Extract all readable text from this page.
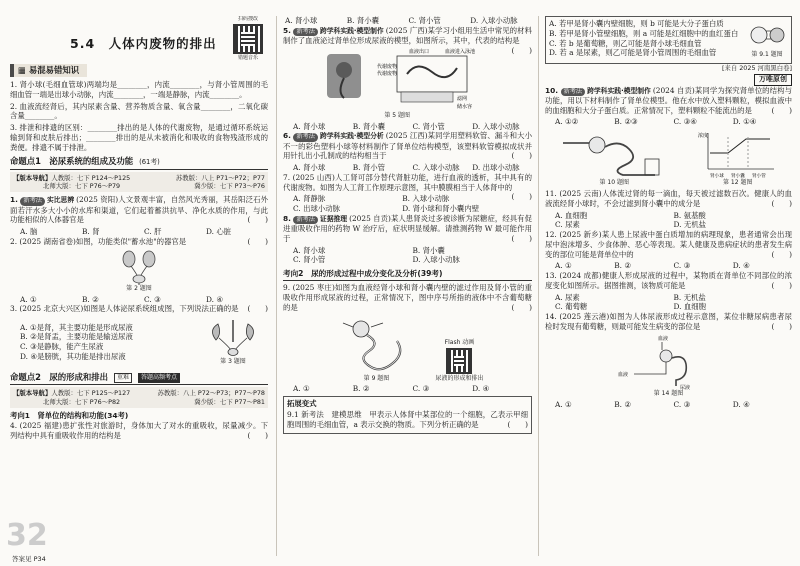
5.4　人体内废物的排出
扫码搜改
错题音乐
▦ 易混易错知识
1. 肾小球(毛细血管球)两端均是________，内流________，与肾小管周围的毛细血管一端是出球小动脉，内流________，一端是静脉，内流________。
2. 血液流经肾后，其内尿素含量、营养物质含量、氧含量________，二氧化碳含量________。
3. 排泄和排遗的区别：________排出的是人体的代谢废物，是通过循环系统运输到肾和皮肤后排出；________排出的是从未被消化和吸收的食物残渣形成的粪便。排遗不属于排泄。
命题点1　泌尿系统的组成及功能 (61考)
【版本导航】人教版：七下 P124～P125	苏教版：八上 P71～P72；P77
北师大版：七下 P76～P79	冀少版：七下 P73～P76
1. 新考法 实比思辨 (2025 资阳)人文景观丰富，自然风光秀丽，其岳阳泛石外面若汗水多大小小的水库和渠道，它们起着蓄洪抗旱、净化水质的作用，与此功能相似的人体器官是	(　　)
A. 脑	B. 肾	C. 肝	D. 心脏
2. (2025 湖南省卷)如图，功能类似"蓄水池"的器官是	(　　)
第 2 题图
A. ①	B. ②	C. ③	D. ④
3. (2025 北京大兴区)如图是人体泌尿系统组成图，下列说法正确的是 (　　)
A. ①是肾，其主要功能是形成尿液
B. ②是肾盂，主要功能是输送尿液
C. ③是静脉，能产生尿液
D. ④是膀胱，其功能是排出尿液
第 3 题图
命题点2　尿的形成和排出	重难	答题高频考点
【版本导航】人教版：七下 P125～P127	苏教版：八上 P72～P73；P77～P78
北师大版：七下 P76～P82	冀少版：七下 P77～P81
考向1　肾单位的结构和功能(34考)
4. (2025 福建)患扩张性对旅游时，身体加大了对水的重吸收，尿量减少。下列结构中具有重吸收作用的结构是	(　　)
32
答案见 P34
A. 肾小球	B. 肾小囊	C. 肾小管	D. 入球小动脉
5. 新考法 跨学科实践·模型制作 (2025 广西)某学习小组用生活中常见的材料制作了血液泌过肾单位形成尿液的模型，如图所示，其中，代表的结构是
(　　)
血液出口	血液进入泳池
代谢废物
代谢废物
滤网
储水容
第 5 题图
A. 肾小球	B. 肾小囊	C. 肾小管	D. 入球小动脉
6. 新考法 跨学科实践·模型分析 (2025 江西)某同学用塑料软管、漏斗和大小不一的彩色塑料小球等材料制作了肾单位结构模型，该塑料软管模拟成状并用针扎出小孔制成的结构相当于	(　　)
A. 肾小球	B. 肾小管	C. 入球小动脉	D. 出球小动脉
7. (2025 山西)人工肾可部分替代肾脏功能，进行血液的透析，其中具有的代谢废物。如图为人工肾工作原理示意图，其中膜膜相当于人体肾中的
(　　)
A. 肾静脉	B. 入球小动脉
C. 出球小动脉	D. 肾小球和肾小囊内壁
8. 新考法 证据推理 (2025 自贡)某人患肾炎过多被诊断为尿糖症，经具有促进重吸收作用的药物 W 治疗后，症状明显缓解。请推测药物 W 最可能作用于	(　　)
A. 肾小球	B. 肾小囊
C. 肾小管	D. 入球小动脉
考向2　尿的形成过程中成分变化及分析(39考)
9. (2025 枣庄)如图为血液经肾小球和肾小囊内壁的滤过作用及肾小管的重吸收作用形成尿液的过程，正常情况下，图中序号所指的液体中不含葡萄糖的是	(　　)
第 9 题图
Flash 动画
尿液的形成和排出
A. ①	B. ②	C. ③	D. ④
拓展变式
9.1 新考法　建模思维　甲表示人体肾中某部位的一个细胞，乙表示甲细胞周围的毛细血管，a 表示交换的物质。下列分析正确的是	(　　)
A. 若甲是肾小囊内壁细胞，则 b 可能是大分子蛋白质
B. 若甲是肾小管壁细胞，则 a 可能是红细胞中的血红蛋白
C. 若 b 是葡萄糖，则乙可能是肾小球毛细血管
D. 若 a 是尿素，则乙可能是肾小管周围的毛细血管	第 9.1 题图
[来自 2025 河南黑白卷]
万唯原创
10. 新考法 跨学科实践·模型制作 (2024 自贡)某同学为探究肾单位的结构与功能，用以下材料制作了肾单位模型。他在水中放入塑料颗粒，模拟血液中的血细胞和大分子蛋白质。正常情况下，塑料颗粒不能流出的是	(　　)
A. ①②	B. ②③	C. ③④	D. ①④
第 10 题图
浓度
肾小球 肾小囊 肾小管
第 12 题图
11. (2025 云南)人体流过肾的每一滴血，每天被过滤数百次。健康人的血液流经肾小球时，不会过滤到肾小囊中的成分是	(　　)
A. 血细胞	B. 氨基酸
C. 尿素	D. 无机盐
12. (2025 新乡)某人患上尿液中蛋白质增加的病理现象，患者通常会出现尿中泡沫增多、少食体肿、恶心等表现。某人健康及患病症状的患者发生病变的部位可能是肾单位中的	(　　)
A. ①	B. ②	C. ③	D. ④
13. (2024 成都)健康人形成尿液的过程中，某物质在肾单位不同部位的浓度变化如图所示。据图推测，该物质可能是	(　　)
A. 尿素	B. 无机盐
C. 葡萄糖	D. 血细胞
14. (2025 莲云港)如图为人体尿液形成过程示意图，某位非糖尿病患者尿检时发现有葡萄糖，则最可能发生病变的部位是	(　　)
血液
血液
尿液
第 14 题图
A. ①	B. ②	C. ③	D. ④
